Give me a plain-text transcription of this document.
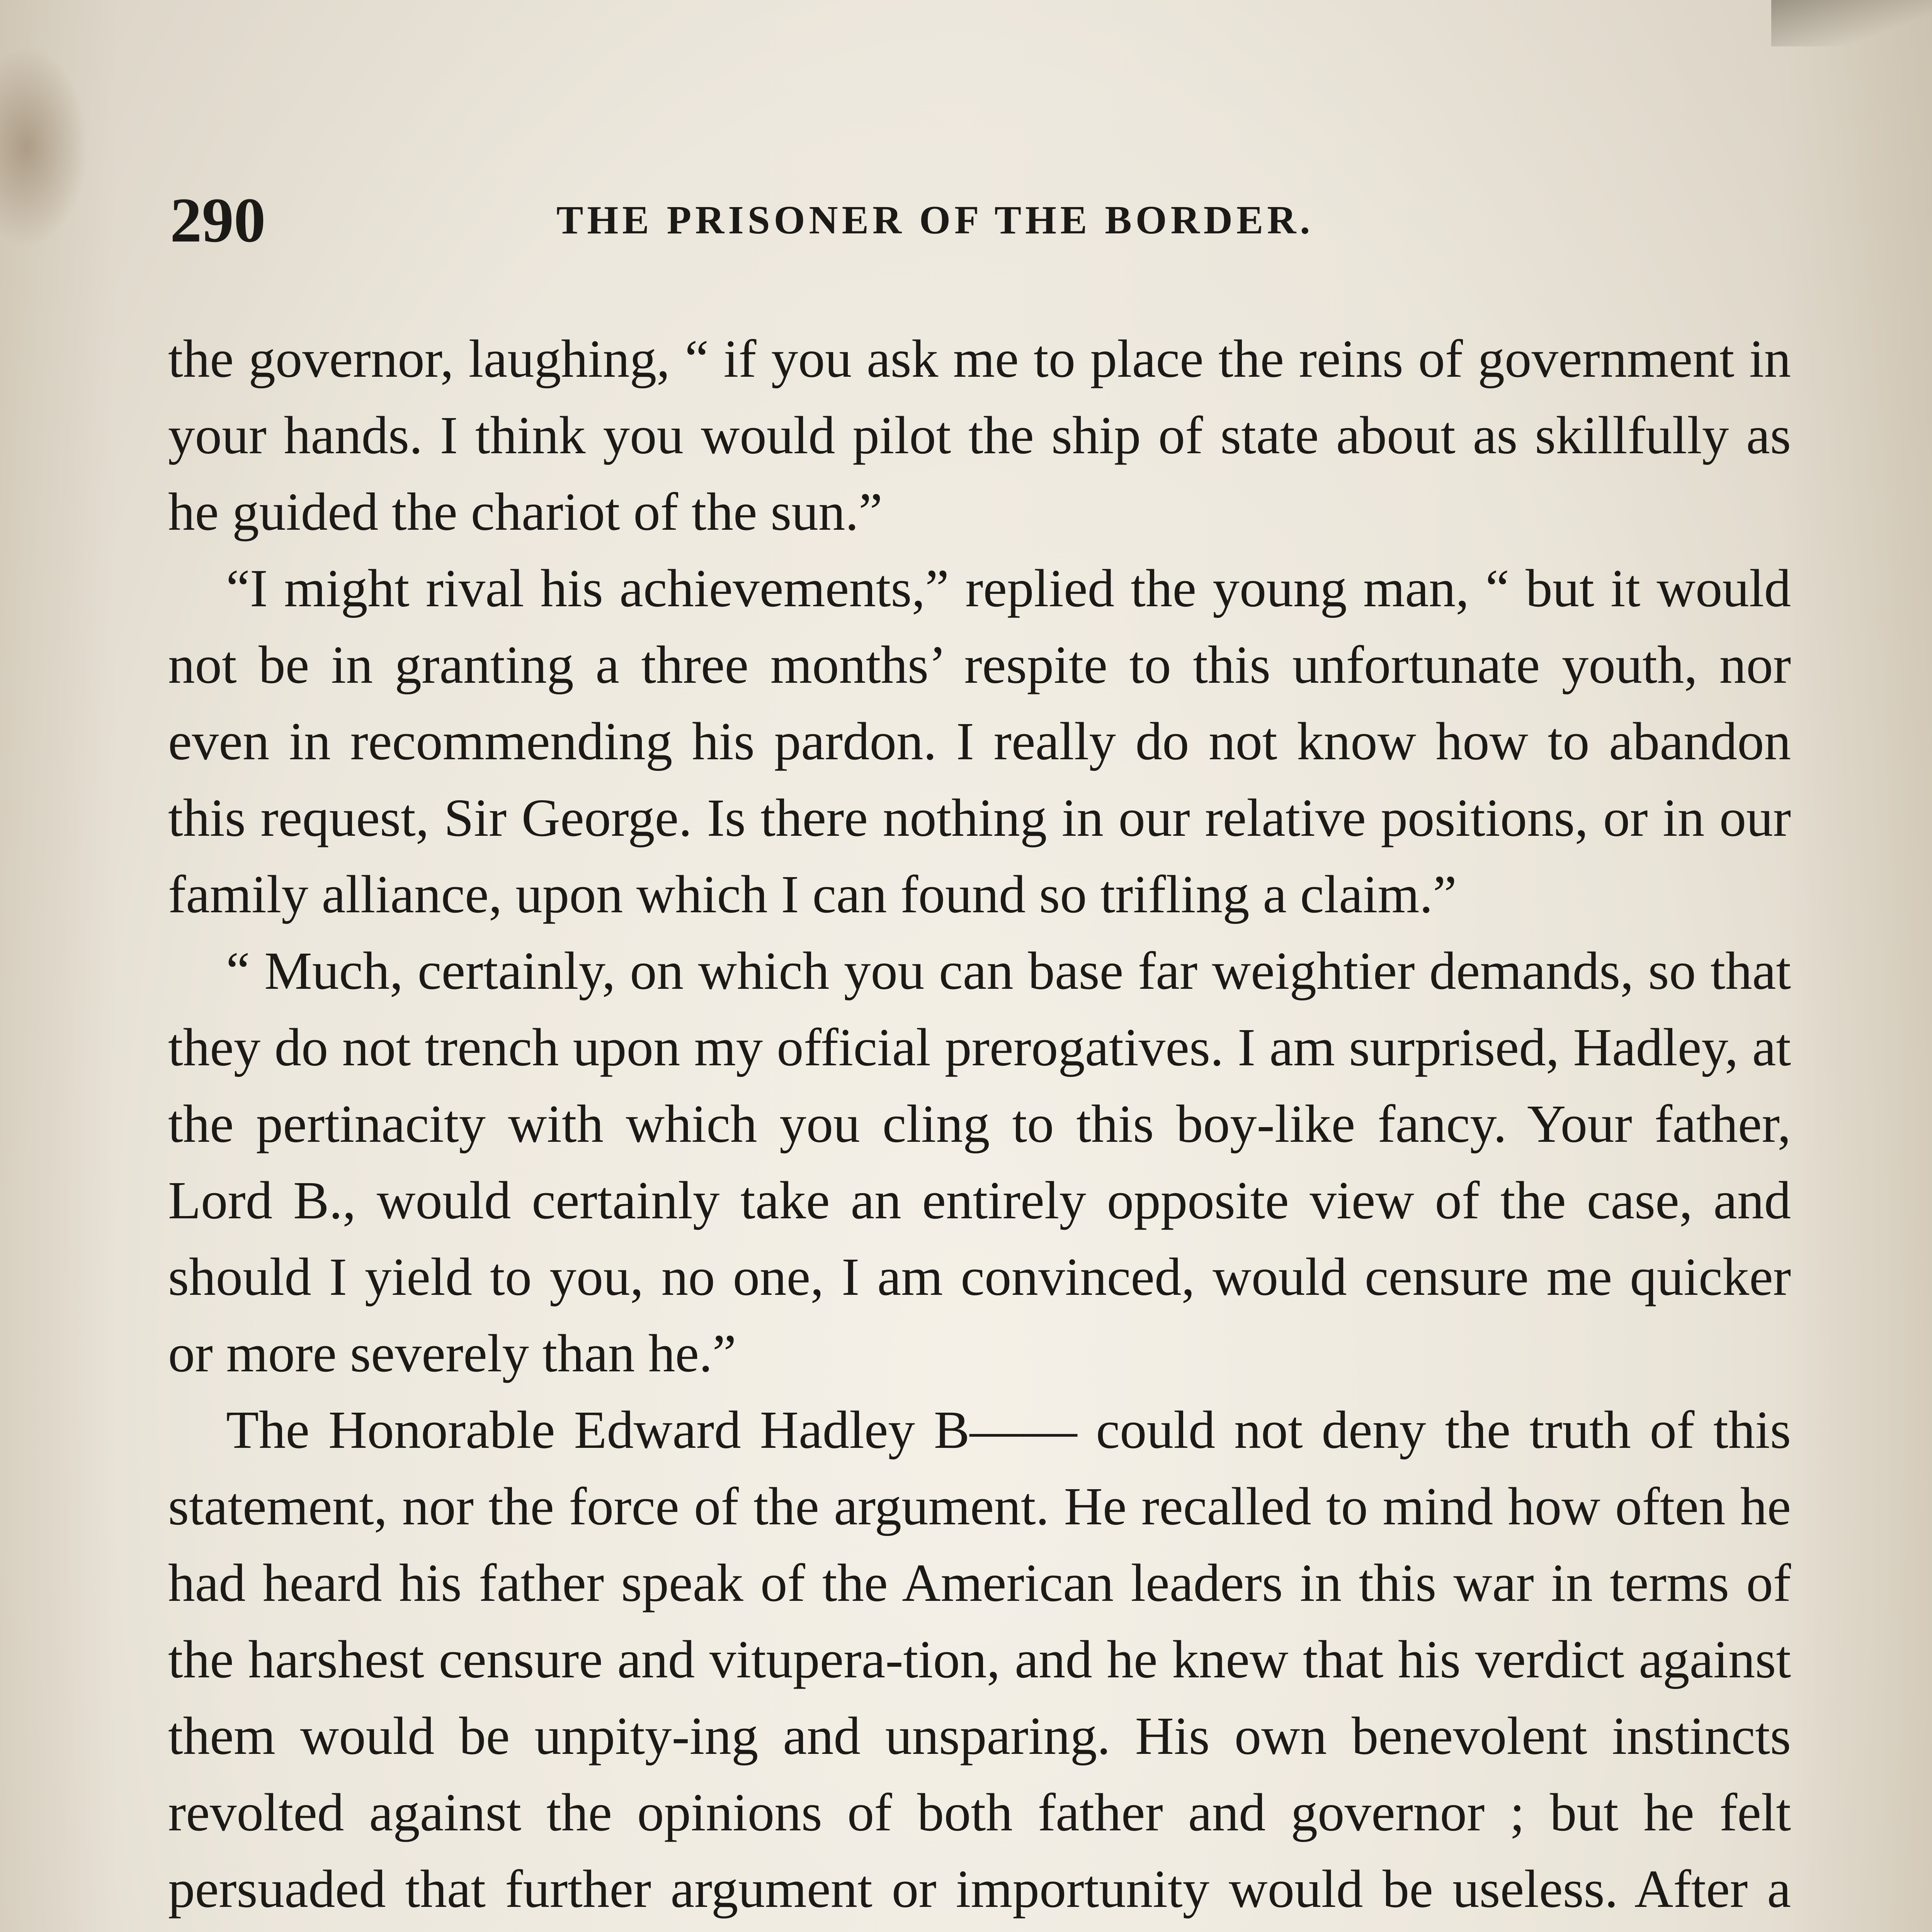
290	THE PRISONER OF THE BORDER.

the governor, laughing, “ if you ask me to place the reins of government in your hands. I think you would pilot the ship of state about as skillfully as he guided the chariot of the sun.”

“I might rival his achievements,” replied the young man, “ but it would not be in granting a three months’ respite to this unfortunate youth, nor even in recommending his pardon. I really do not know how to abandon this request, Sir George. Is there nothing in our relative positions, or in our family alliance, upon which I can found so trifling a claim.”

“ Much, certainly, on which you can base far weightier demands, so that they do not trench upon my official prerogatives. I am surprised, Hadley, at the pertinacity with which you cling to this boy-like fancy. Your father, Lord B., would certainly take an entirely opposite view of the case, and should I yield to you, no one, I am convinced, would censure me quicker or more severely than he.”

The Honorable Edward Hadley B—— could not deny the truth of this statement, nor the force of the argument. He recalled to mind how often he had heard his father speak of the American leaders in this war in terms of the harshest censure and vitupera-tion, and he knew that his verdict against them would be unpity-ing and unsparing. His own benevolent instincts revolted against the opinions of both father and governor ; but he felt persuaded that further argument or importunity would be useless. After a
